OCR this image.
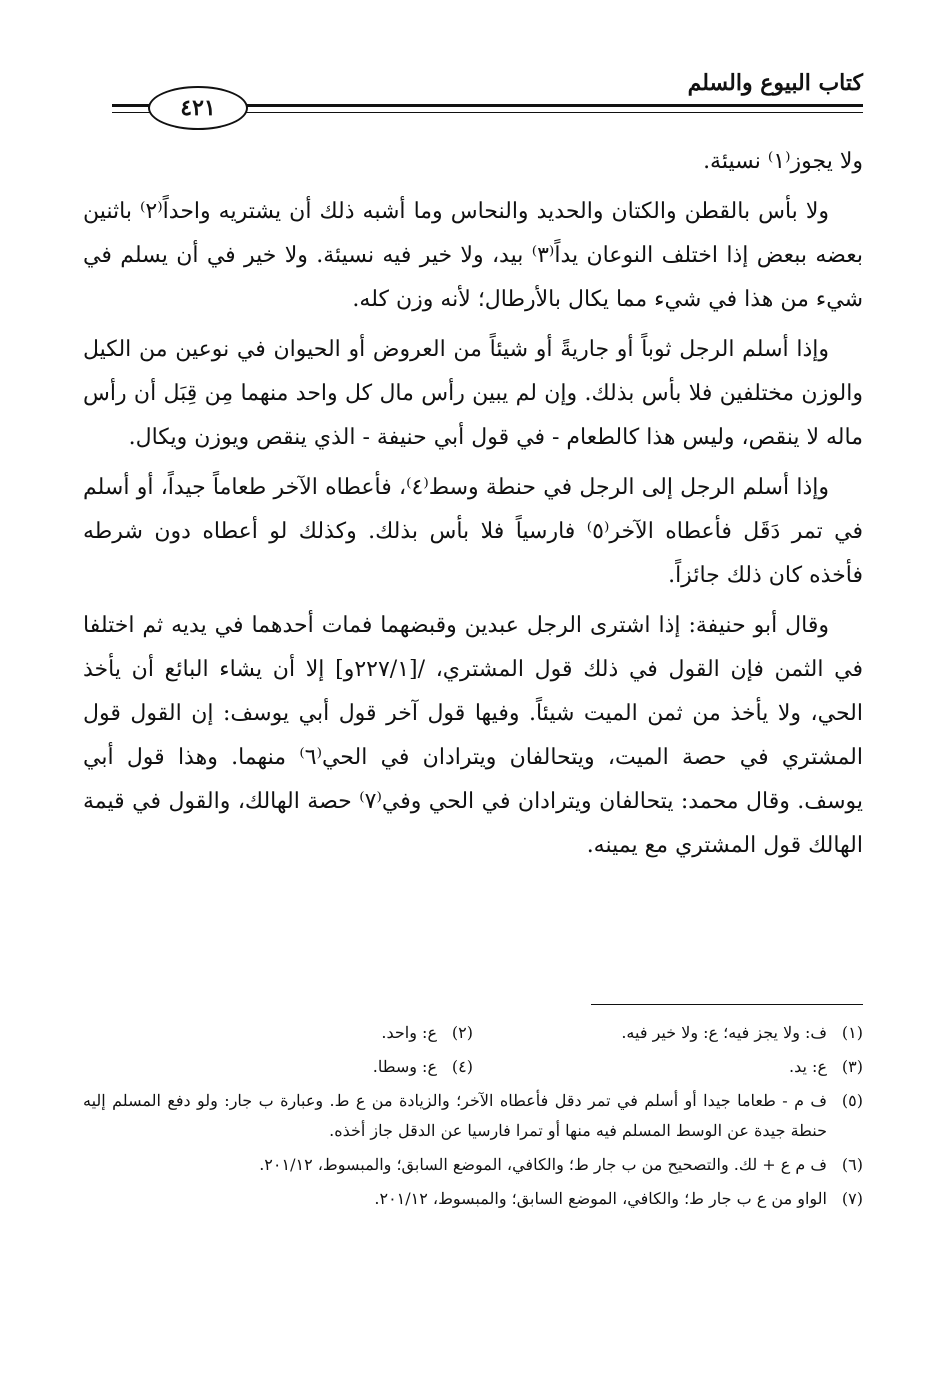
كتاب البيوع والسلم
٤٢١

ولا يجوز⁽١⁾ نسيئة.

ولا بأس بالقطن والكتان والحديد والنحاس وما أشبه ذلك أن يشتريه واحداً⁽٢⁾ باثنين بعضه ببعض إذا اختلف النوعان يداً⁽٣⁾ بيد، ولا خير فيه نسيئة. ولا خير في أن يسلم في شيء من هذا في شيء مما يكال بالأرطال؛ لأنه وزن كله.

وإذا أسلم الرجل ثوباً أو جاريةً أو شيئاً من العروض أو الحيوان في نوعين من الكيل والوزن مختلفين فلا بأس بذلك. وإن لم يبين رأس مال كل واحد منهما مِن قِبَل أن رأس ماله لا ينقص، وليس هذا كالطعام - في قول أبي حنيفة - الذي ينقص ويوزن ويكال.

وإذا أسلم الرجل إلى الرجل في حنطة وسط⁽٤⁾، فأعطاه الآخر طعاماً جيداً، أو أسلم في تمر دَقَل فأعطاه الآخر⁽٥⁾ فارسياً فلا بأس بذلك. وكذلك لو أعطاه دون شرطه فأخذه كان ذلك جائزاً.

وقال أبو حنيفة: إذا اشترى الرجل عبدين وقبضهما فمات أحدهما في يديه ثم اختلفا في الثمن فإن القول في ذلك قول المشتري، /[٢٢٧/١و] إلا أن يشاء البائع أن يأخذ الحي، ولا يأخذ من ثمن الميت شيئاً. وفيها قول آخر قول أبي يوسف: إن القول قول المشتري في حصة الميت، ويتحالفان ويترادان في الحي⁽٦⁾ منهما. وهذا قول أبي يوسف. وقال محمد: يتحالفان ويترادان في الحي وفي⁽٧⁾ حصة الهالك، والقول في قيمة الهالك قول المشتري مع يمينه.

(١)
ف: ولا يجز فيه؛ ع: ولا خير فيه.
(٢)
ع: واحد.
(٣)
ع: يد.
(٤)
ع: وسطا.
(٥)
ف م - طعاما جيدا أو أسلم في تمر دقل فأعطاه الآخر؛ والزيادة من ع ط. وعبارة ب جار: ولو دفع المسلم إليه حنطة جيدة عن الوسط المسلم فيه منها أو تمرا فارسيا عن الدقل جاز أخذه.
(٦)
ف م ع + لك. والتصحيح من ب جار ط؛ والكافي، الموضع السابق؛ والمبسوط، ٢٠١/١٢.
(٧)
الواو من ع ب جار ط؛ والكافي، الموضع السابق؛ والمبسوط، ٢٠١/١٢.
